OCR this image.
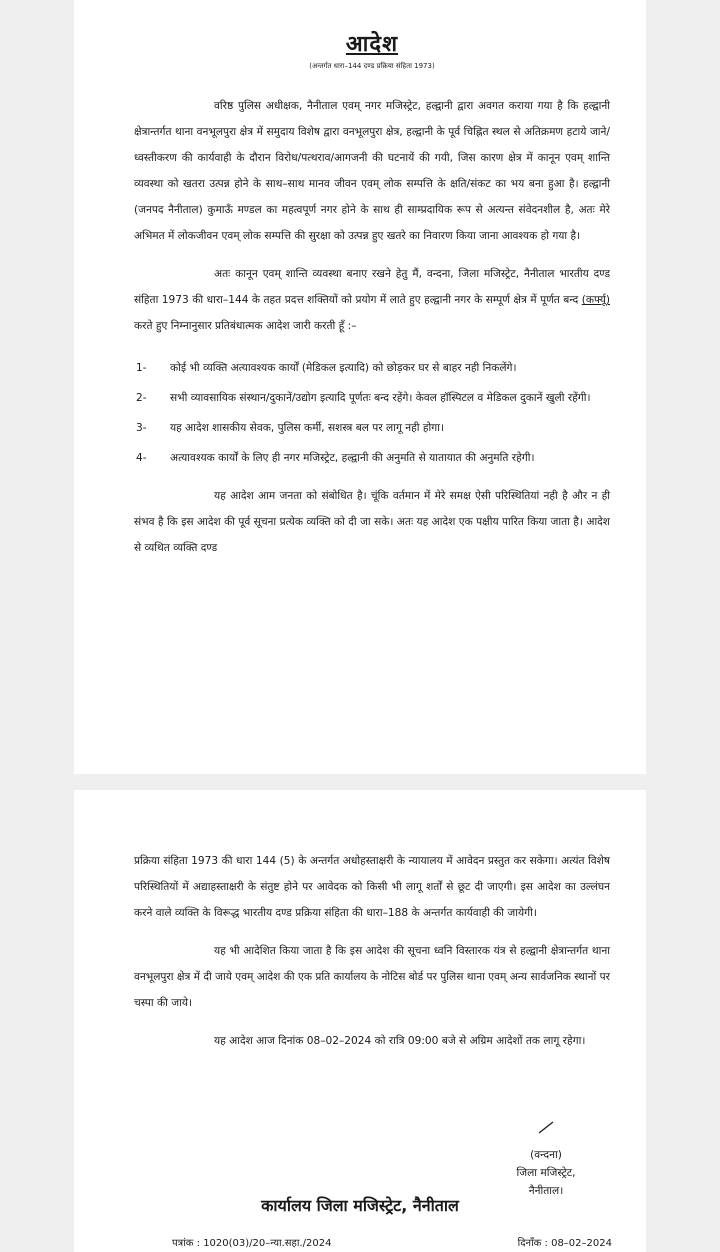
आदेश
(अन्तर्गत धारा–144 दण्ड प्रक्रिया संहिता 1973)

वरिष्ठ पुलिस अधीक्षक, नैनीताल एवम् नगर मजिस्ट्रेट, हल्द्वानी द्वारा अवगत कराया गया है कि हल्द्वानी क्षेत्रान्तर्गत थाना वनभूलपुरा क्षेत्र में समुदाय विशेष द्वारा वनभूलपुरा क्षेत्र, हल्द्वानी के पूर्व चिह्नित स्थल से अतिक्रमण हटाये जाने/ध्वस्तीकरण की कार्यवाही के दौरान विरोध/पत्थराव/आगजनी की घटनायें की गयी, जिस कारण क्षेत्र में कानून एवम् शान्ति व्यवस्था को खतरा उत्पन्न होने के साथ–साथ मानव जीवन एवम् लोक सम्पत्ति के क्षति/संकट का भय बना हुआ है। हल्द्वानी (जनपद नैनीताल) कुमाऊँ मण्डल का महत्वपूर्ण नगर होने के साथ ही साम्प्रदायिक रूप से अत्यन्त संवेदनशील है, अतः मेरे अभिमत में लोकजीवन एवम् लोक सम्पत्ति की सुरक्षा को उत्पन्न हुए खतरे का निवारण किया जाना आवश्यक हो गया है।

अतः कानून एवम् शान्ति व्यवस्था बनाए रखने हेतु मैं, वन्दना, जिला मजिस्ट्रेट, नैनीताल भारतीय दण्ड संहिता 1973 की धारा–144 के तहत प्रदत्त शक्तियों को प्रयोग में लाते हुए हल्द्वानी नगर के सम्पूर्ण क्षेत्र में पूर्णत बन्द (कर्फ्यू) करते हुए निम्नानुसार प्रतिबंधात्मक आदेश जारी करती हूँ :–

1-	कोई भी व्यक्ति अत्यावश्यक कार्यों (मेडिकल इत्यादि) को छोड़कर घर से बाहर नही निकलेंगे।
2-	सभी व्यावसायिक संस्थान/दुकानें/उद्योग इत्यादि पूर्णतः बन्द रहेंगे। केवल हॉस्पिटल व मेडिकल दुकानें खुली रहेंगी।
3-	यह आदेश शासकीय सेवक, पुलिस कर्मी, सशस्त्र बल पर लागू नही होगा।
4-	अत्यावश्यक कार्यों के लिए ही नगर मजिस्ट्रेट, हल्द्वानी की अनुमति से यातायात की अनुमति रहेगी।

यह आदेश आम जनता को संबोधित है। चूंकि वर्तमान में मेरे समक्ष ऐसी परिस्थितियां नही है और न ही संभव है कि इस आदेश की पूर्व सूचना प्रत्येक व्यक्ति को दी जा सके। अतः यह आदेश एक पक्षीय पारित किया जाता है। आदेश से व्यथित व्यक्ति दण्ड

प्रक्रिया संहिता 1973 की धारा 144 (5) के अन्तर्गत अधोहस्ताक्षरी के न्यायालय में आवेदन प्रस्तुत कर सकेगा। अत्यंत विशेष परिस्थितियों में अद्याहस्ताक्षरी के संतुष्ट होने पर आवेदक को किसी भी लागू शर्तों से छूट दी जाएगी। इस आदेश का उल्लंघन करने वाले व्यक्ति के विरूद्ध भारतीय दण्ड प्रक्रिया संहिता की धारा–188 के अन्तर्गत कार्यवाही की जायेगी।

यह भी आदेशित किया जाता है कि इस आदेश की सूचना ध्वनि विस्तारक यंत्र से हल्द्वानी क्षेत्रान्तर्गत थाना वनभूलपुरा क्षेत्र में दी जाये एवम् आदेश की एक प्रति कार्यालय के नोटिस बोर्ड पर पुलिस थाना एवम् अन्य सार्वजनिक स्थानों पर चस्पा की जाये।

यह आदेश आज दिनांक 08–02–2024 को रात्रि 09:00 बजे से अग्रिम आदेशों तक लागू रहेगा।

(वन्दना)
जिला मजिस्ट्रेट,
नैनीताल।
कार्यालय जिला मजिस्ट्रेट, नैनीताल
पत्रांक : 1020(03)/20–न्या.सहा./2024	दिनाँक : 08–02–2024
